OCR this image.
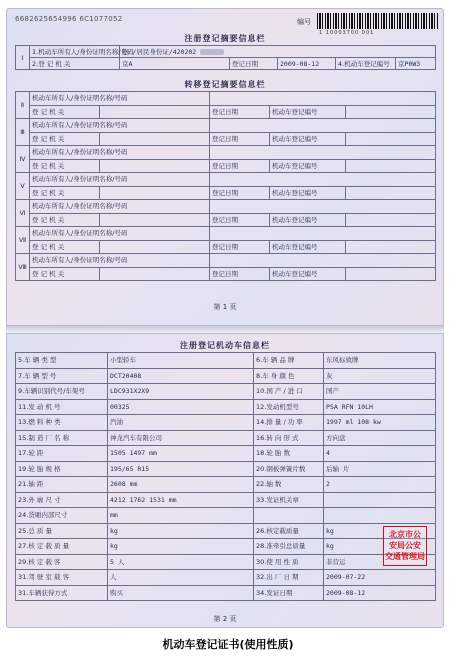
6682625654996 6C1077052	编号
1 10003700 001
注册登记摘要信息栏
Ⅰ	1.机动车所有人/身份证明名称/号码	赵 /居民身份证/420202				
	2.登 记 机 关	京A	登记日期	2009-08-12	4.机动车登记编号	京P0W3
转移登记摘要信息栏
Ⅱ	机动车所有人/身份证明名称/号码				
	登 记 机 关		登记日期	机动车登记编号	
Ⅲ	机动车所有人/身份证明名称/号码				
	登 记 机 关		登记日期	机动车登记编号	
Ⅳ	机动车所有人/身份证明名称/号码				
	登 记 机 关		登记日期	机动车登记编号	
Ⅴ	机动车所有人/身份证明名称/号码				
	登 记 机 关		登记日期	机动车登记编号	
Ⅵ	机动车所有人/身份证明名称/号码				
	登 记 机 关		登记日期	机动车登记编号	
Ⅶ	机动车所有人/身份证明名称/号码				
	登 记 机 关		登记日期	机动车登记编号	
Ⅷ	机动车所有人/身份证明名称/号码				
	登 记 机 关		登记日期	机动车登记编号	
第 1 页
注册登记机动车信息栏
5.车 辆 类 型	小型轿车	6.车 辆 品 牌	东风标致牌
7.车 辆 型 号	DCT20408	8.车 身 颜 色	灰
9.车辆识别代号/车架号	LDC931X2X9	10.国 产 / 进 口	国产
11.发 动 机 号	00325	12.发动机型号	PSA RFN 10LH
13.燃 料 种 类	汽油	14.排 量 / 功 率	1997 ml 108 kw
15.制 造 厂 名 称	神龙汽车有限公司	16.转 向 形 式	方向盘
17.轮 距	1505 1497 mm	18.轮 胎 数	4
19.轮 胎 规 格	195/65 R15	20.钢板弹簧片数	后轴 片
21.轴 距	2608 mm	22.轴 数	2
23.外 廓 尺 寸	4212 1762 1531 mm	33.发证机关章	
24.货厢内部尺寸	mm		
25.总 质 量	kg	26.核定载质量	kg
27.核 定 载 质 量	kg	28.准牵引总质量	kg
29.核 定 载 客	5 人	30.使 用 性 质	非营运
31.驾 驶 室 载 客	人	32.出 厂 日 期	2009-07-22
31.车辆获得方式	购买	34.发证日期	2009-08-12
北京市公
安局公安
交通管理局
第 2 页
机动车登记证书(使用性质)
